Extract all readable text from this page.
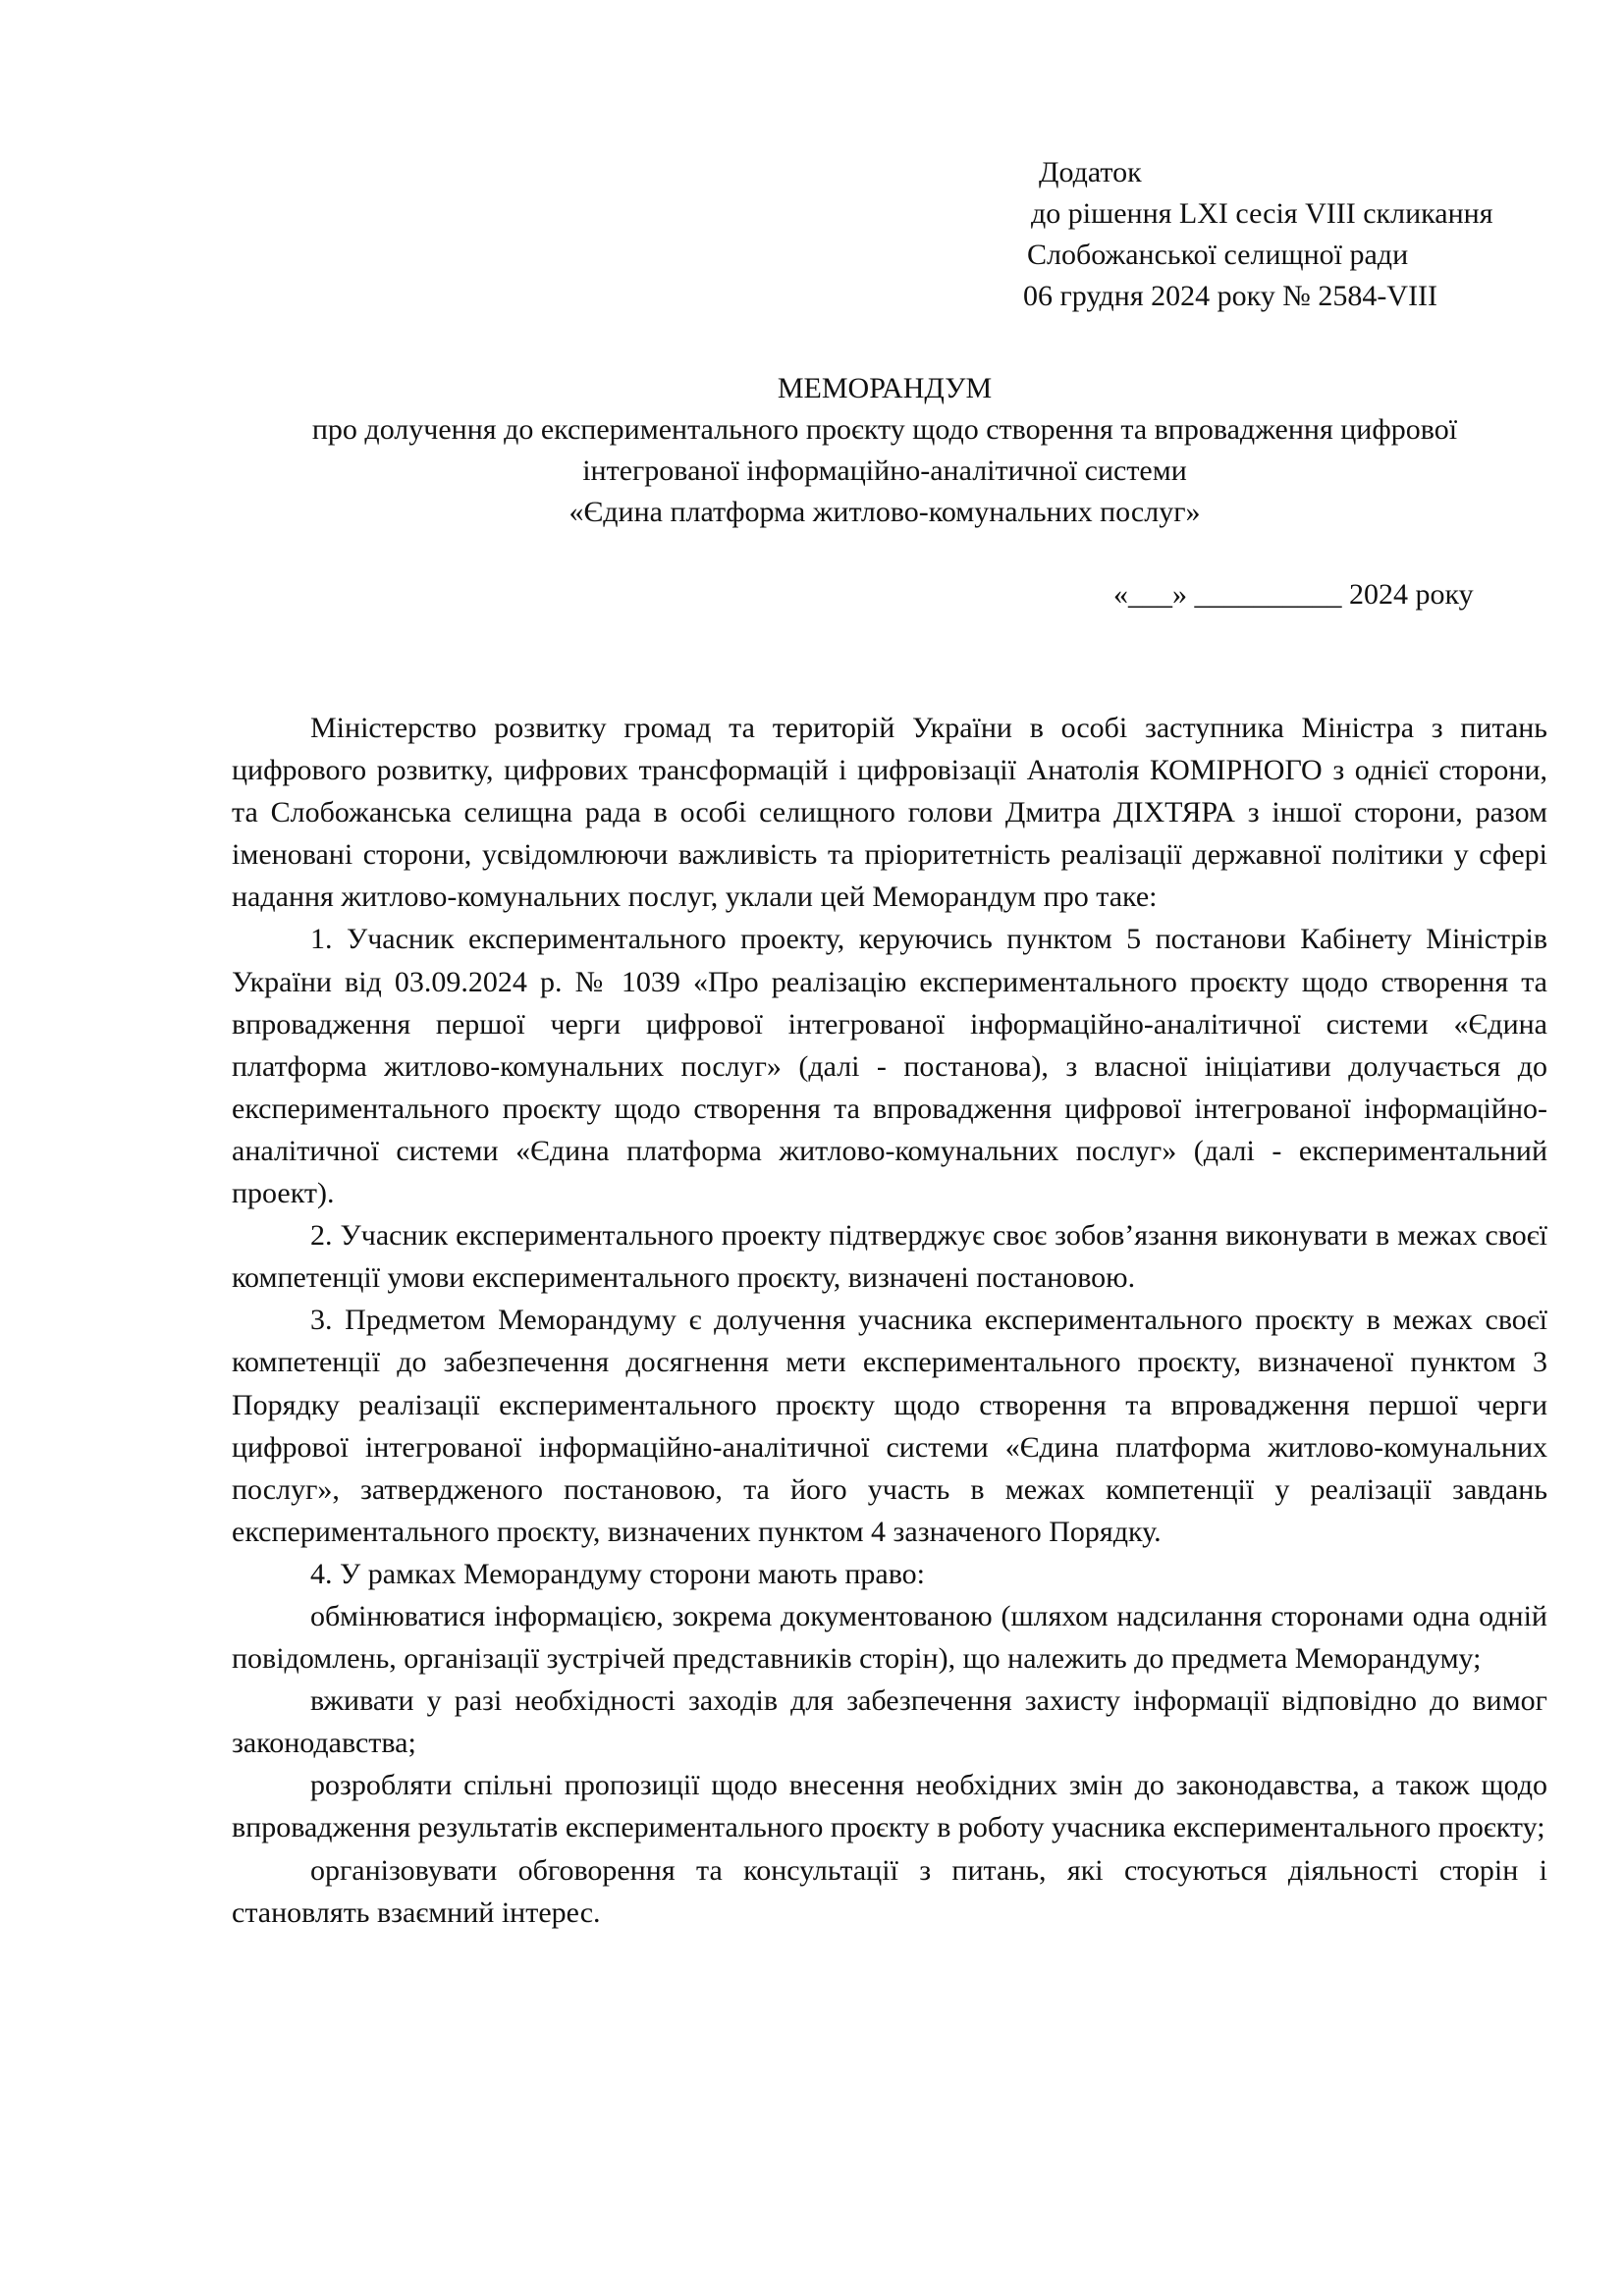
Додаток
до рішення LXI сесія VIII скликання
Слобожанської селищної ради
06 грудня 2024 року № 2584-VIII
МЕМОРАНДУМ
про долучення до експериментального проєкту щодо створення та впровадження цифрової
інтегрованої інформаційно-аналітичної системи
«Єдина платформа житлово-комунальних послуг»
«___» __________ 2024 року

Міністерство розвитку громад та територій України в особі заступника Міністра з питань цифрового розвитку, цифрових трансформацій і цифровізації Анатолія КОМІРНОГО з однієї сторони, та Слобожанська селищна рада в особі селищного голови Дмитра ДІХТЯРА з іншої сторони, разом іменовані сторони, усвідомлюючи важливість та пріоритетність реалізації державної політики у сфері надання житлово-комунальних послуг, уклали цей Меморандум про таке:

1. Учасник експериментального проекту, керуючись пунктом 5 постанови Кабінету Міністрів України від 03.09.2024 р. № 1039 «Про реалізацію експериментального проєкту щодо створення та впровадження першої черги цифрової інтегрованої інформаційно-аналітичної системи «Єдина платформа житлово-комунальних послуг» (далі - постанова), з власної ініціативи долучається до експериментального проєкту щодо створення та впровадження цифрової інтегрованої інформаційно-аналітичної системи «Єдина платформа житлово-комунальних послуг» (далі - експериментальний проект).

2. Учасник експериментального проекту підтверджує своє зобов’язання виконувати в межах своєї компетенції умови експериментального проєкту, визначені постановою.

3. Предметом Меморандуму є долучення учасника експериментального проєкту в межах своєї компетенції до забезпечення досягнення мети експериментального проєкту, визначеної пунктом 3 Порядку реалізації експериментального проєкту щодо створення та впровадження першої черги цифрової інтегрованої інформаційно-аналітичної системи «Єдина платформа житлово-комунальних послуг», затвердженого постановою, та його участь в межах компетенції у реалізації завдань експериментального проєкту, визначених пунктом 4 зазначеного Порядку.

4. У рамках Меморандуму сторони мають право:

обмінюватися інформацією, зокрема документованою (шляхом надсилання сторонами одна одній повідомлень, організації зустрічей представників сторін), що належить до предмета Меморандуму;

вживати у разі необхідності заходів для забезпечення захисту інформації відповідно до вимог законодавства;

розробляти спільні пропозиції щодо внесення необхідних змін до законодавства, а також щодо впровадження результатів експериментального проєкту в роботу учасника експериментального проєкту;

організовувати обговорення та консультації з питань, які стосуються діяльності сторін і становлять взаємний інтерес.
